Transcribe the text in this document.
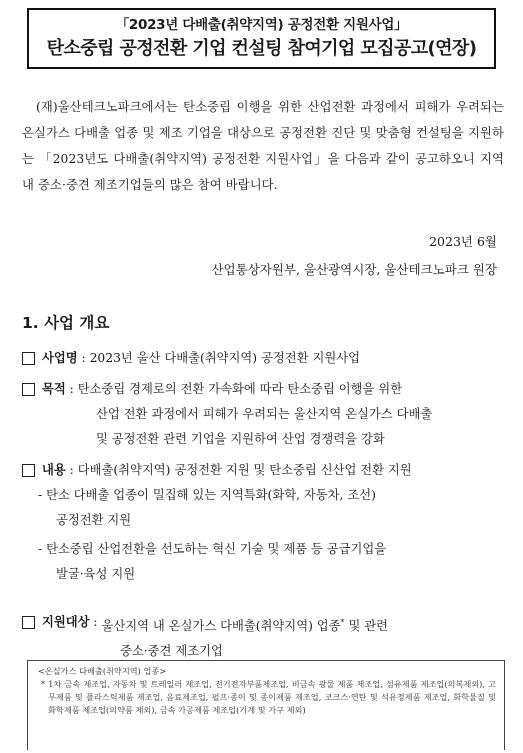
「2023년 다배출(취약지역) 공정전환 지원사업」
탄소중립 공정전환 기업 컨설팅 참여기업 모집공고(연장)

(재)울산테크노파크에서는 탄소중립 이행을 위한 산업전환 과정에서 피해가 우려되는 온실가스 다배출 업종 및 제조 기업을 대상으로 공정전환 진단 및 맞춤형 컨설팅을 지원하는 「2023년도 다배출(취약지역) 공정전환 지원사업」을 다음과 같이 공고하오니 지역 내 중소·중견 제조기업들의 많은 참여 바랍니다.

2023년 6월
산업통상자원부, 울산광역시장, 울산테크노파크 원장
1. 사업 개요
사업명 : 2023년 울산 다배출(취약지역) 공정전환 지원사업
목적 : 탄소중립 경제로의 전환 가속화에 따라 탄소중립 이행을 위한
산업 전환 과정에서 피해가 우려되는 울산지역 온실가스 다배출
및 공정전환 관련 기업을 지원하여 산업 경쟁력을 강화
내용 : 다배출(취약지역) 공정전환 지원 및 탄소중립 신산업 전환 지원
- 탄소 다배출 업종이 밀집해 있는 지역특화(화학, 자동차, 조선)
공정전환 지원
- 탄소중립 산업전환을 선도하는 혁신 기술 및 제품 등 공급기업을
발굴·육성 지원
지원대상 : 울산지역 내 온실가스 다배출(취약지역) 업종* 및 관련
중소·중견 제조기업
<온실가스 다배출(취약지역) 업종>
* 1차 금속 제조업, 자동차 및 트레일러 제조업, 전기전자부품제조업, 비금속 광물 제품 제조업, 섬유제품 제조업(의복제외), 고무제품 및 플라스틱제품 제조업, 음료제조업, 펄프·종이 및 종이제품 제조업, 코크스·연탄 및 석유정제품 제조업, 화학물질 및 화학제품 제조업(의약품 제외), 금속 가공제품 제조업(기계 및 가구 제외)
